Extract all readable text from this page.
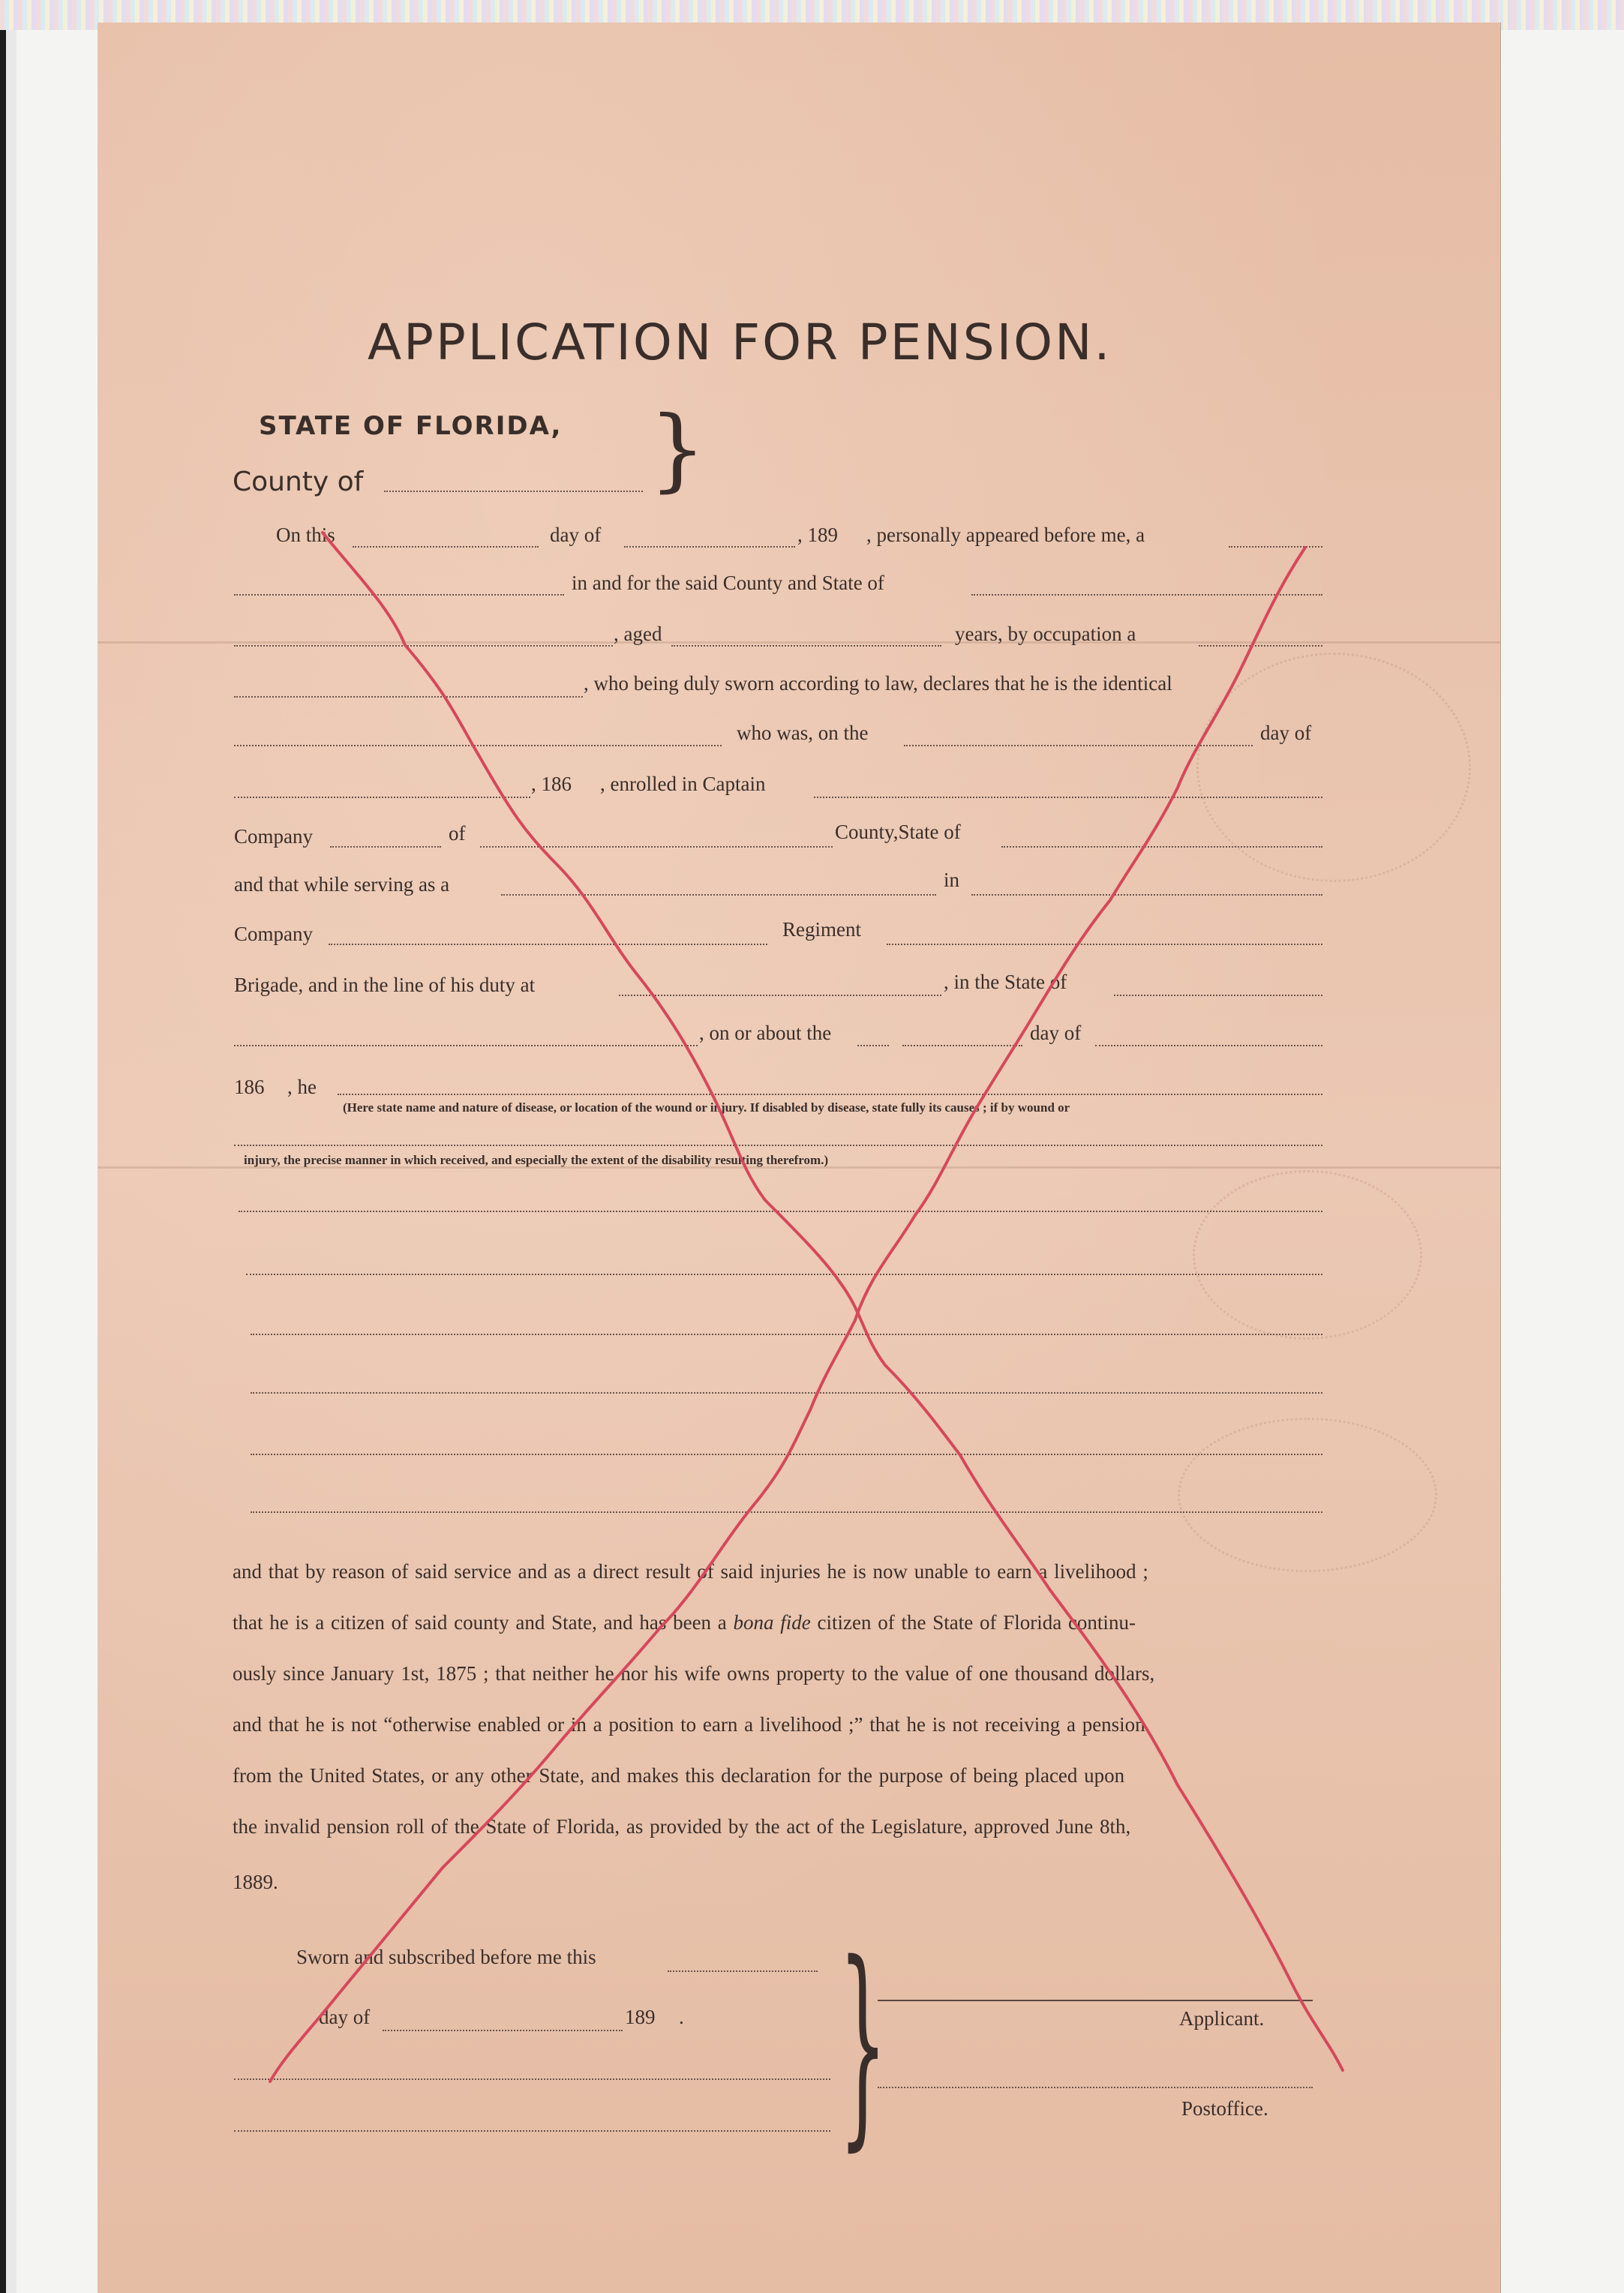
APPLICATION FOR PENSION.
STATE OF FLORIDA,
County of	}
On this	day of	, 189 , personally appeared before me, a
in and for the said County and State of
, aged	years, by occupation a
, who being duly sworn according to law, declares that he is the identical
who was, on the	day of
, 186 , enrolled in Captain
Company	of	County,State of
and that while serving as a	in
Company	Regiment
Brigade, and in the line of his duty at	, in the State of
, on or about the	day of
186 , he
(Here state name and nature of disease, or location of the wound or injury. If disabled by disease, state fully its causes ; if by wound or
injury, the precise manner in which received, and especially the extent of the disability resulting therefrom.)
and that by reason of said service and as a direct result of said injuries he is now unable to earn a livelihood ;
that he is a citizen of said county and State, and has been a bona fide citizen of the State of Florida continu-
ously since January 1st, 1875 ; that neither he nor his wife owns property to the value of one thousand dollars,
and that he is not “otherwise enabled or in a position to earn a livelihood ;” that he is not receiving a pension
from the United States, or any other State, and makes this declaration for the purpose of being placed upon
the invalid pension roll of the State of Florida, as provided by the act of the Legislature, approved June 8th,
1889.
Sworn and subscribed before me this
day of	189 . }	Applicant.
Postoffice.
